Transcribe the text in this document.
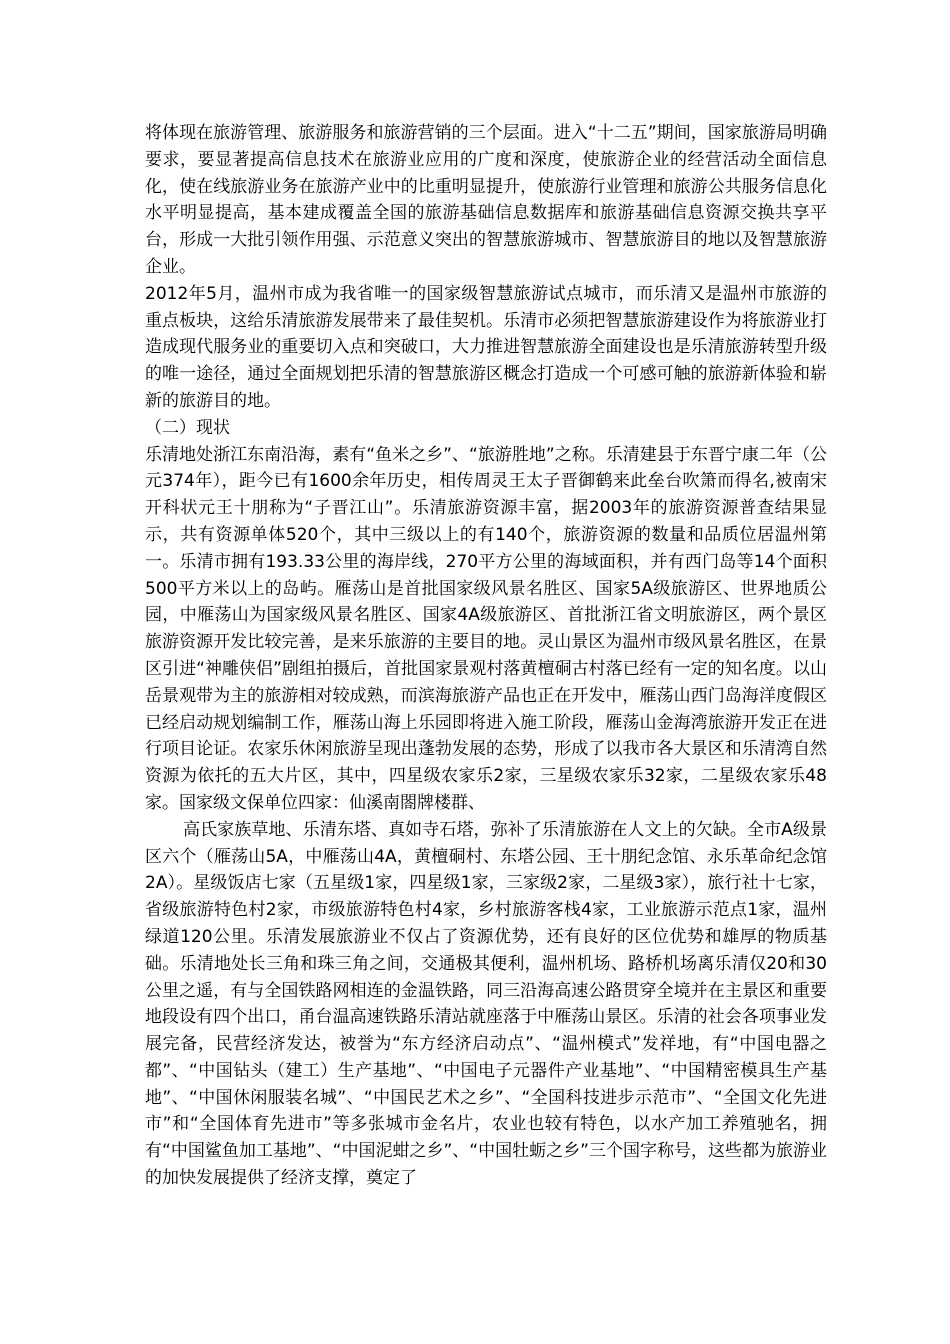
将体现在旅游管理、旅游服务和旅游营销的三个层面。进入“十二五”期间，国家旅游局明确要求，要显著提高信息技术在旅游业应用的广度和深度，使旅游企业的经营活动全面信息化，使在线旅游业务在旅游产业中的比重明显提升，使旅游行业管理和旅游公共服务信息化水平明显提高，基本建成覆盖全国的旅游基础信息数据库和旅游基础信息资源交换共享平台，形成一大批引领作用强、示范意义突出的智慧旅游城市、智慧旅游目的地以及智慧旅游企业。

2012年5月，温州市成为我省唯一的国家级智慧旅游试点城市，而乐清又是温州市旅游的重点板块，这给乐清旅游发展带来了最佳契机。乐清市必须把智慧旅游建设作为将旅游业打造成现代服务业的重要切入点和突破口，大力推进智慧旅游全面建设也是乐清旅游转型升级的唯一途径，通过全面规划把乐清的智慧旅游区概念打造成一个可感可触的旅游新体验和崭新的旅游目的地。

（二）现状

乐清地处浙江东南沿海，素有“鱼米之乡”、“旅游胜地”之称。乐清建县于东晋宁康二年（公元374年），距今已有1600余年历史，相传周灵王太子晋御鹤来此垒台吹箫而得名,被南宋开科状元王十朋称为“子晋江山”。乐清旅游资源丰富，据2003年的旅游资源普查结果显示，共有资源单体520个，其中三级以上的有140个，旅游资源的数量和品质位居温州第一。乐清市拥有193.33公里的海岸线，270平方公里的海域面积，并有西门岛等14个面积500平方米以上的岛屿。雁荡山是首批国家级风景名胜区、国家5A级旅游区、世界地质公园，中雁荡山为国家级风景名胜区、国家4A级旅游区、首批浙江省文明旅游区，两个景区旅游资源开发比较完善，是来乐旅游的主要目的地。灵山景区为温州市级风景名胜区，在景区引进“神雕侠侣”剧组拍摄后，首批国家景观村落黄檀硐古村落已经有一定的知名度。以山岳景观带为主的旅游相对较成熟，而滨海旅游产品也正在开发中，雁荡山西门岛海洋度假区已经启动规划编制工作，雁荡山海上乐园即将进入施工阶段，雁荡山金海湾旅游开发正在进行项目论证。农家乐休闲旅游呈现出蓬勃发展的态势，形成了以我市各大景区和乐清湾自然资源为依托的五大片区，其中，四星级农家乐2家，三星级农家乐32家，二星级农家乐48家。国家级文保单位四家：仙溪南閤牌楼群、

高氏家族草地、乐清东塔、真如寺石塔，弥补了乐清旅游在人文上的欠缺。全市A级景区六个（雁荡山5A，中雁荡山4A，黄檀硐村、东塔公园、王十朋纪念馆、永乐革命纪念馆2A）。星级饭店七家（五星级1家，四星级1家，三家级2家，二星级3家），旅行社十七家，省级旅游特色村2家，市级旅游特色村4家，乡村旅游客栈4家，工业旅游示范点1家，温州绿道120公里。乐清发展旅游业不仅占了资源优势，还有良好的区位优势和雄厚的物质基础。乐清地处长三角和珠三角之间，交通极其便利，温州机场、路桥机场离乐清仅20和30公里之遥，有与全国铁路网相连的金温铁路，同三沿海高速公路贯穿全境并在主景区和重要地段设有四个出口，甬台温高速铁路乐清站就座落于中雁荡山景区。乐清的社会各项事业发展完备，民营经济发达，被誉为“东方经济启动点”、“温州模式”发祥地，有“中国电器之都”、“中国钻头（建工）生产基地”、“中国电子元器件产业基地”、“中国精密模具生产基地”、“中国休闲服装名城”、“中国民艺术之乡”、“全国科技进步示范市”、“全国文化先进市”和“全国体育先进市”等多张城市金名片，农业也较有特色，以水产加工养殖驰名，拥有“中国鲨鱼加工基地”、“中国泥蚶之乡”、“中国牡蛎之乡”三个国字称号，这些都为旅游业的加快发展提供了经济支撑，奠定了
